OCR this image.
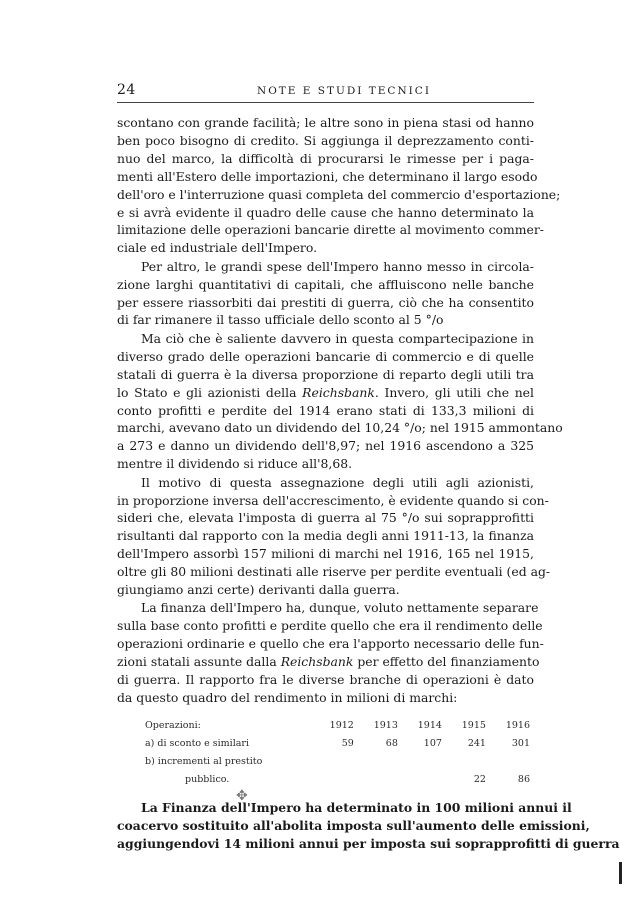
24	NOTE E STUDI TECNICI

scontano con grande facilità; le altre sono in piena stasi od hanno
ben poco bisogno di credito. Si aggiunga il deprezzamento conti-
nuo del marco, la difficoltà di procurarsi le rimesse per i paga-
menti all'Estero delle importazioni, che determinano il largo esodo
dell'oro e l'interruzione quasi completa del commercio d'esportazione;
e si avrà evidente il quadro delle cause che hanno determinato la
limitazione delle operazioni bancarie dirette al movimento commer-
ciale ed industriale dell'Impero.

Per altro, le grandi spese dell'Impero hanno messo in circola-
zione larghi quantitativi di capitali, che affluiscono nelle banche
per essere riassorbiti dai prestiti di guerra, ciò che ha consentito
di far rimanere il tasso ufficiale dello sconto al 5 °/o

Ma ciò che è saliente davvero in questa compartecipazione in
diverso grado delle operazioni bancarie di commercio e di quelle
statali di guerra è la diversa proporzione di reparto degli utili tra
lo Stato e gli azionisti della Reichsbank. Invero, gli utili che nel
conto profitti e perdite del 1914 erano stati di 133,3 milioni di
marchi, avevano dato un dividendo del 10,24 °/o; nel 1915 ammontano
a 273 e danno un dividendo dell'8,97; nel 1916 ascendono a 325
mentre il dividendo si riduce all'8,68.

Il motivo di questa assegnazione degli utili agli azionisti,
in proporzione inversa dell'accrescimento, è evidente quando si con-
sideri che, elevata l'imposta di guerra al 75 °/o sui soprapprofitti
risultanti dal rapporto con la media degli anni 1911-13, la finanza
dell'Impero assorbì 157 milioni di marchi nel 1916, 165 nel 1915,
oltre gli 80 milioni destinati alle riserve per perdite eventuali (ed ag-
giungiamo anzi certe) derivanti dalla guerra.

La finanza dell'Impero ha, dunque, voluto nettamente separare
sulla base conto profitti e perdite quello che era il rendimento delle
operazioni ordinarie e quello che era l'apporto necessario delle fun-
zioni statali assunte dalla Reichsbank per effetto del finanziamento
di guerra. Il rapporto fra le diverse branche di operazioni è dato
da questo quadro del rendimento in milioni di marchi:

Operazioni:	1912	1913	1914	1915	1916
a) di sconto e similari	59	68	107	241	301
b) incrementi al prestito					
pubblico.				22	86

La Finanza dell'Impero ha determinato in 100 milioni annui il
coacervo sostituito all'abolita imposta sull'aumento delle emissioni,
aggiungendovi 14 milioni annui per imposta sui soprapprofitti di guerra

✥
